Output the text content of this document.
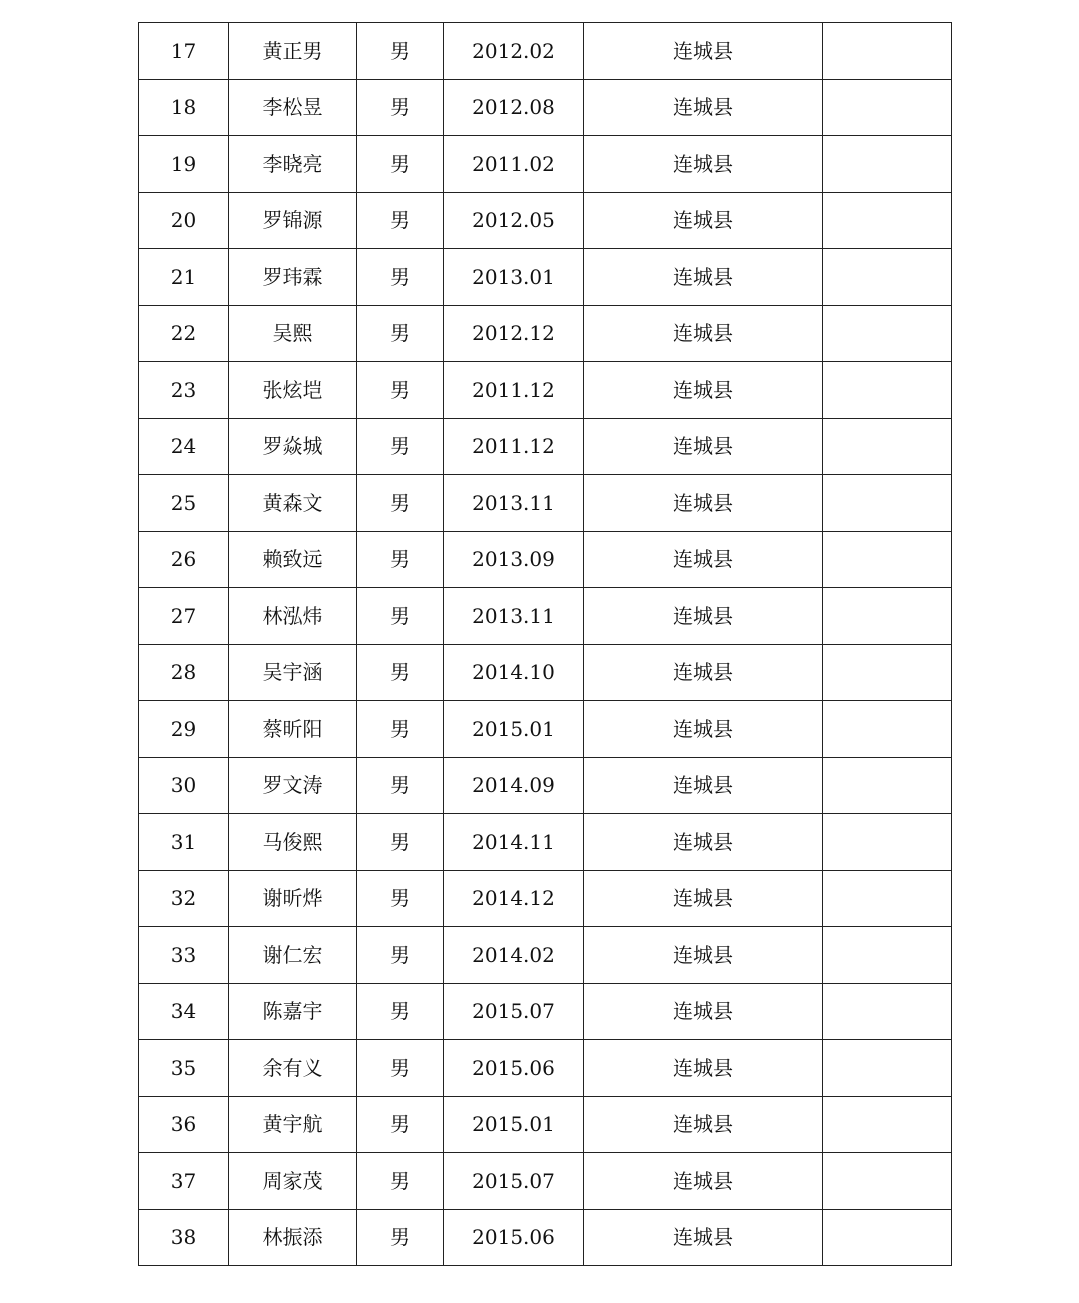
17	黄正男	男	2012.02	连城县	
18	李松昱	男	2012.08	连城县	
19	李晓亮	男	2011.02	连城县	
20	罗锦源	男	2012.05	连城县	
21	罗玮霖	男	2013.01	连城县	
22	吴熙	男	2012.12	连城县	
23	张炫垲	男	2011.12	连城县	
24	罗焱城	男	2011.12	连城县	
25	黄森文	男	2013.11	连城县	
26	赖致远	男	2013.09	连城县	
27	林泓炜	男	2013.11	连城县	
28	吴宇涵	男	2014.10	连城县	
29	蔡昕阳	男	2015.01	连城县	
30	罗文涛	男	2014.09	连城县	
31	马俊熙	男	2014.11	连城县	
32	谢昕烨	男	2014.12	连城县	
33	谢仁宏	男	2014.02	连城县	
34	陈嘉宇	男	2015.07	连城县	
35	余有义	男	2015.06	连城县	
36	黄宇航	男	2015.01	连城县	
37	周家茂	男	2015.07	连城县	
38	林振添	男	2015.06	连城县	
